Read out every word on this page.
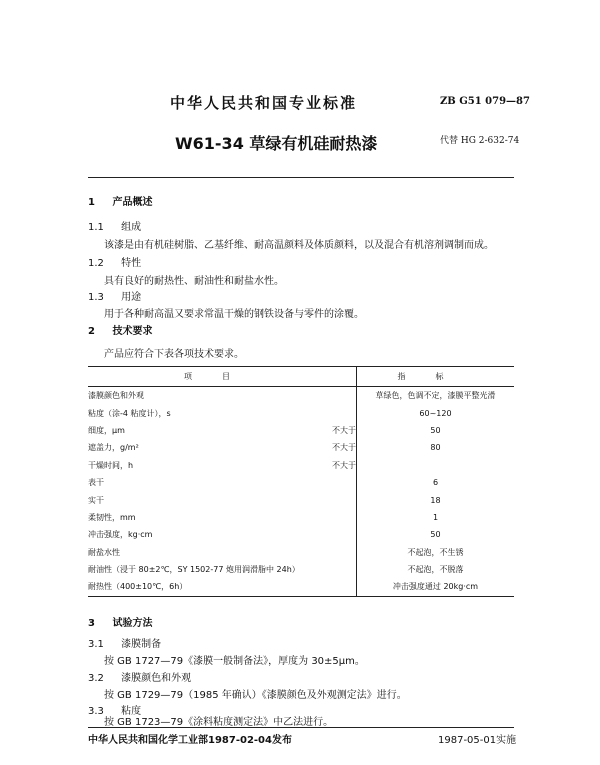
中华人民共和国专业标准	ZB G51 079—87
W61-34 草绿有机硅耐热漆	代替 HG 2-632-74
1 产品概述
1.1 组成
该漆是由有机硅树脂、乙基纤维、耐高温颜料及体质颜料，以及混合有机溶剂调制而成。
1.2 特性
具有良好的耐热性、耐油性和耐盐水性。
1.3 用途
用于各种耐高温又要求常温干燥的钢铁设备与零件的涂覆。
2 技术要求
产品应符合下表各项技术要求。
项目		指标
漆膜颜色和外观		草绿色，色调不定，漆膜平整光滑
粘度（涂-4 粘度计），s		60~120
细度，μm	不大于	50
遮盖力，g/m²	不大于	80
干燥时间，h	不大于	
表干		6
实干		18
柔韧性，mm		1
冲击强度，kg·cm		50
耐盐水性		不起泡，不生锈
耐油性（浸于 80±2℃，SY 1502-77 炮用润滑脂中 24h）		不起泡，不脱落
耐热性（400±10℃，6h）		冲击强度通过 20kg·cm
3 试验方法
3.1 漆膜制备
按 GB 1727—79《漆膜一般制备法》，厚度为 30±5μm。
3.2 漆膜颜色和外观
按 GB 1729—79（1985 年确认）《漆膜颜色及外观测定法》进行。
3.3 粘度
按 GB 1723—79《涂料粘度测定法》中乙法进行。
中华人民共和国化学工业部1987-02-04发布	1987-05-01实施
